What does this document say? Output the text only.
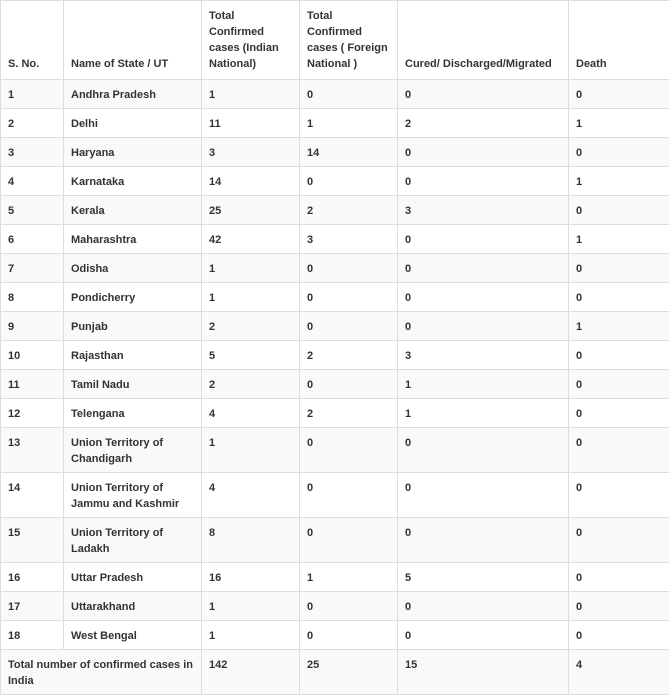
S. No.	Name of State / UT	Total Confirmed cases (Indian National)	Total Confirmed cases ( Foreign National )	Cured/ Discharged/Migrated	Death
1	Andhra Pradesh	1	0	0	0
2	Delhi	11	1	2	1
3	Haryana	3	14	0	0
4	Karnataka	14	0	0	1
5	Kerala	25	2	3	0
6	Maharashtra	42	3	0	1
7	Odisha	1	0	0	0
8	Pondicherry	1	0	0	0
9	Punjab	2	0	0	1
10	Rajasthan	5	2	3	0
11	Tamil Nadu	2	0	1	0
12	Telengana	4	2	1	0
13	Union Territory of Chandigarh	1	0	0	0
14	Union Territory of Jammu and Kashmir	4	0	0	0
15	Union Territory of Ladakh	8	0	0	0
16	Uttar Pradesh	16	1	5	0
17	Uttarakhand	1	0	0	0
18	West Bengal	1	0	0	0
Total number of confirmed cases in India		142	25	15	4
